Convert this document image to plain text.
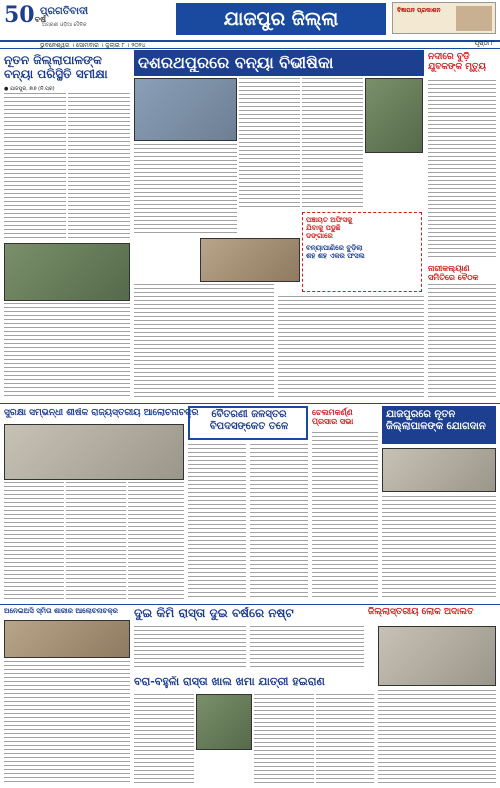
50ବର୍ଷ
ପ୍ରଗତିବାଦୀ
ଅଗ୍ରଣୀ ଓଡ଼ିଆ ଦୈନିକ	ଯାଜପୁର ଜିଲ୍ଲା	ବିଜ୍ଞାପନ ପ୍ରକାଶନ
ଭୁବନେଶ୍ୱର । ସୋମବାର । ଜୁଲାଇ ୮ । ୨୦୨୪	ପୃଷ୍ଠା ୮
ନୂତନ ଜିଲ୍ଲାପାଳଙ୍କ ବନ୍ୟା ପରିସ୍ଥିତି ସମୀକ୍ଷା
● ଯାଜପୁର, ୭ା୭ (ନି.ପ୍ର)
ଦଶରଥପୁରରେ ବନ୍ୟା ବିଭୀଷିକା
ପଞ୍ଚାୟତ ଅଫିସକୁ
ଯିବାକୁ ପଡୁଛି
ଡଙ୍ଗାରେ
ବନ୍ୟାପାଣିରେ ବୁଡ଼ିଲା
ଶହ ଶହ ଏକର ଫସଲ
ନଦୀରେ ବୁଡ଼ି ଯୁବକଙ୍କ ମୃତ୍ୟୁ
ନାରୀକଲ୍ୟାଣ ସମିତିରେ ବୈଠକ
ସୁରକ୍ଷା ସମ୍ଭନ୍ଧୀ ଶୀର୍ଷକ ରାଜ୍ୟସ୍ତରୀୟ ଆଲୋଚନାଚକ୍ର	ବୈତରଣୀ ଜଳସ୍ତର ବିପଦସଙ୍କେତ ତଳେ
ଚେଲମକର୍ଣ୍ଣ ପ୍ରସାର ସଭା
ଯାଜପୁରରେ ନୂତନ ଜିଲ୍ଲାପାଳଙ୍କ ଯୋଗଦାନ
ଅନେଇଅସି ସ୍ମିତା ଶାରୀର ଆଲୋଚନାଚକ୍ର	ଦୁଇ କିମି ରାସ୍ତା ଦୁଇ ବର୍ଷରେ ନଷ୍ଟ
ବରା-ବହୁଳାଁ ରାସ୍ତା ଖାଲ ଖମା ଯାତ୍ରୀ ହଇରାଣ
ଜିଲ୍ଲାସ୍ତରୀୟ ଲୋକ ଅଦାଲତ
